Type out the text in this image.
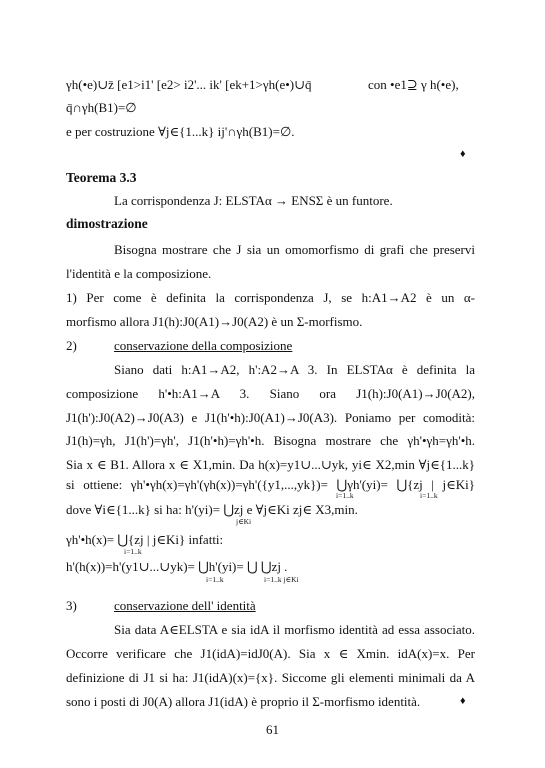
γh(•e)∪z̄ [e1>i1' [e2> i2'... ik' [ek+1>γh(e•)∪q̄	con •e1⊇ γ h(•e),
q̄∩γh(B1)=∅
e per costruzione ∀j∈{1...k} ij'∩γh(B1)=∅.
♦
Teorema 3.3
La corrispondenza J: ELSTAα → ENSΣ è un funtore.
dimostrazione
Bisogna mostrare che J sia un omomorfismo di grafi che preservi
l'identità e la composizione.
1) Per come è definita la corrispondenza J, se h:A1→A2 è un α-
morfismo allora J1(h):J0(A1)→J0(A2) è un Σ-morfismo.
2)	conservazione della composizione
Siano dati h:A1→A2, h':A2→A 3. In ELSTAα è definita la
composizione h'•h:A1→A 3. Siano ora J1(h):J0(A1)→J0(A2),
J1(h'):J0(A2)→J0(A3) e J1(h'•h):J0(A1)→J0(A3). Poniamo per comodità:
J1(h)=γh, J1(h')=γh', J1(h'•h)=γh'•h. Bisogna mostrare che γh'•γh=γh'•h.
Sia x ∈ B1. Allora x ∈ X1,min. Da h(x)=y1∪...∪yk, yi∈ X2,min ∀j∈{1...k}
si ottiene: γh'•γh(x)=γh'(γh(x))=γh'({y1,...,yk})= ⋃γh'(yi)= ⋃{zj | j∈Ki}
i=1..k	i=1..k
dove ∀i∈{1...k} si ha: h'(yi)= ⋃zj e ∀j∈Ki zj∈ X3,min.
j∈Ki
γh'•h(x)= ⋃{zj | j∈Ki} infatti:
i=1..k
h'(h(x))=h'(y1∪...∪yk)= ⋃h'(yi)= ⋃ ⋃zj .
i=1..k	i=1..k j∈Ki
3)	conservazione dell' identità
Sia data A∈ELSTA e sia idA il morfismo identità ad essa associato.
Occorre verificare che J1(idA)=idJ0(A). Sia x ∈ Xmin. idA(x)=x. Per
definizione di J1 si ha: J1(idA)(x)={x}. Siccome gli elementi minimali da A
sono i posti di J0(A) allora J1(idA) è proprio il Σ-morfismo identità.	♦
61
